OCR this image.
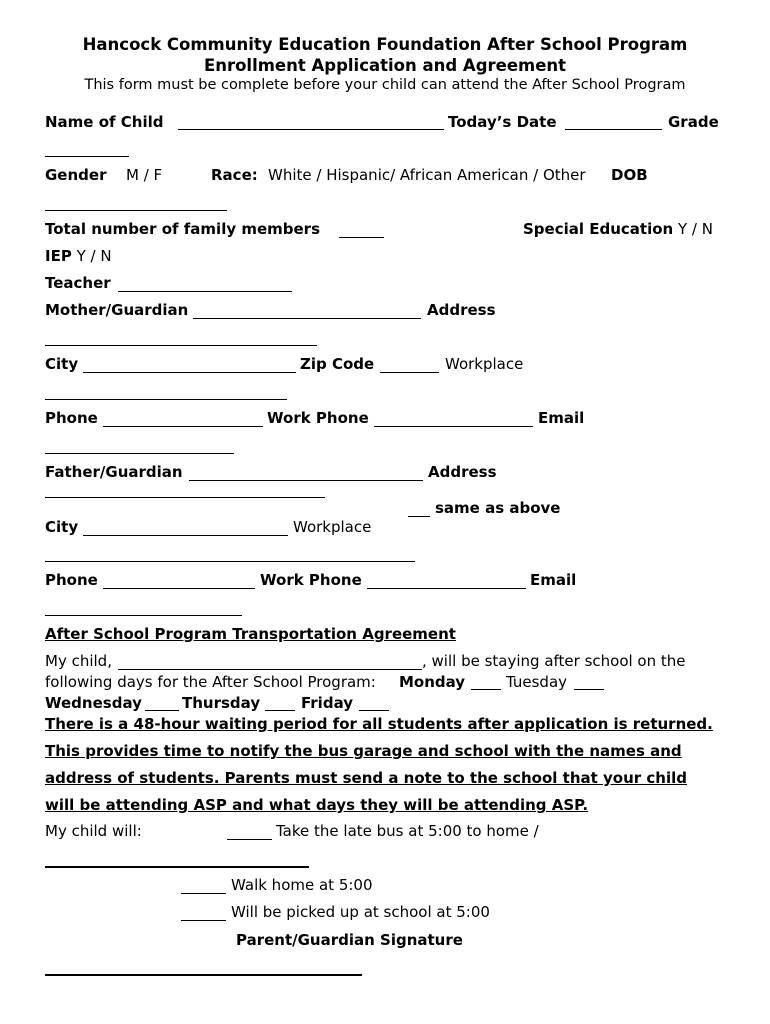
Hancock Community Education Foundation After School Program
Enrollment Application and Agreement
This form must be complete before your child can attend the After School Program
Name of Child	Today’s Date	Grade
Gender M / F	Race: White / Hispanic/ African American / Other DOB
Total number of family members	Special Education Y / N
IEP Y / N
Teacher
Mother/Guardian	Address
City	Zip Code	Workplace
Phone	Work Phone	Email
Father/Guardian	Address
same as above
City	Workplace
Phone	Work Phone	Email
After School Program Transportation Agreement
My child,	, will be staying after school on the
following days for the After School Program: Monday	Tuesday
Wednesday	Thursday	Friday
There is a 48-hour waiting period for all students after application is returned.
This provides time to notify the bus garage and school with the names and
address of students. Parents must send a note to the school that your child
will be attending ASP and what days they will be attending ASP.
My child will:	Take the late bus at 5:00 to home /
Walk home at 5:00
Will be picked up at school at 5:00
Parent/Guardian Signature
